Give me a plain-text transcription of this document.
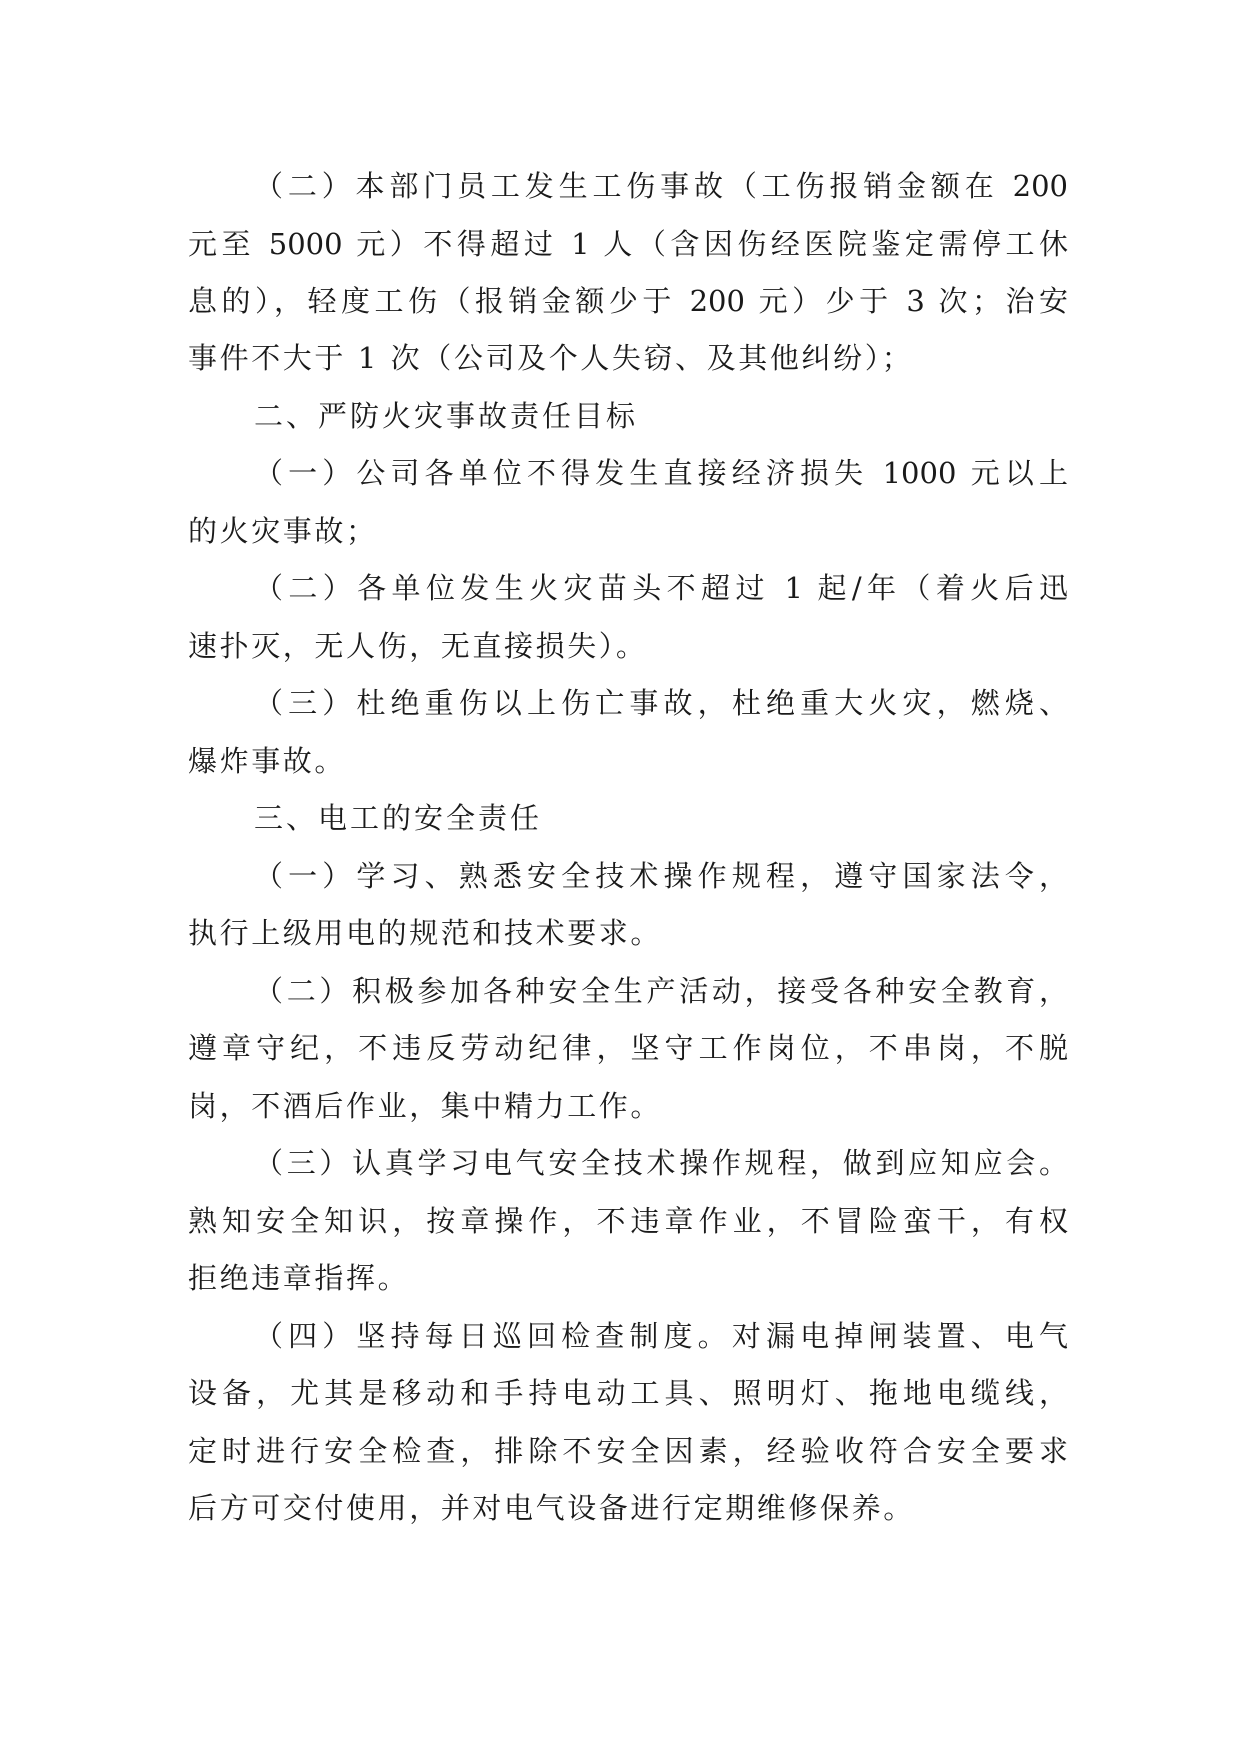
（二）本部门员工发生工伤事故（工伤报销金额在 200
元至 5000 元）不得超过 1 人（含因伤经医院鉴定需停工休
息的），轻度工伤（报销金额少于 200 元）少于 3 次；治安
事件不大于 1 次（公司及个人失窃、及其他纠纷）；
二、严防火灾事故责任目标
（一）公司各单位不得发生直接经济损失 1000 元以上
的火灾事故；
（二）各单位发生火灾苗头不超过 1 起/年（着火后迅
速扑灭，无人伤，无直接损失）。
（三）杜绝重伤以上伤亡事故，杜绝重大火灾，燃烧、
爆炸事故。
三、电工的安全责任
（一）学习、熟悉安全技术操作规程，遵守国家法令，
执行上级用电的规范和技术要求。
（二）积极参加各种安全生产活动，接受各种安全教育，
遵章守纪，不违反劳动纪律，坚守工作岗位，不串岗，不脱
岗，不酒后作业，集中精力工作。
（三）认真学习电气安全技术操作规程，做到应知应会。
熟知安全知识，按章操作，不违章作业，不冒险蛮干，有权
拒绝违章指挥。
（四）坚持每日巡回检查制度。对漏电掉闸装置、电气
设备，尤其是移动和手持电动工具、照明灯、拖地电缆线，
定时进行安全检查，排除不安全因素，经验收符合安全要求
后方可交付使用，并对电气设备进行定期维修保养。
